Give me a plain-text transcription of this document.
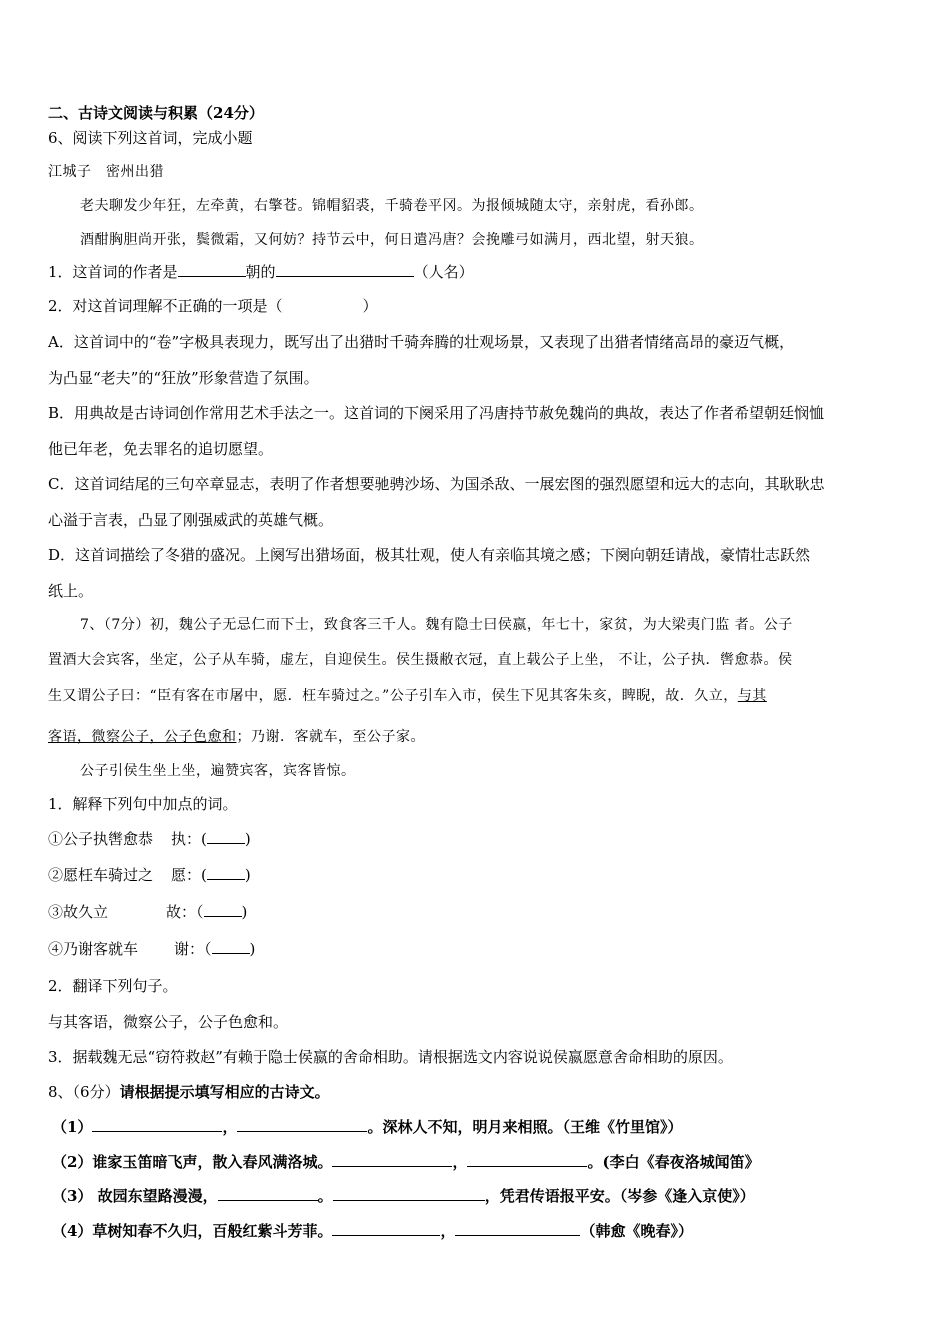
二、古诗文阅读与积累（24分）
6、阅读下列这首词，完成小题
江城子　密州出猎
老夫聊发少年狂，左牵黄，右擎苍。锦帽貂裘，千骑卷平冈。为报倾城随太守，亲射虎，看孙郎。
酒酣胸胆尚开张，鬓微霜，又何妨？持节云中，何日遣冯唐？会挽雕弓如满月，西北望，射天狼。
1．这首词的作者是	朝的	（人名）
2．对这首词理解不正确的一项是（	）
A．这首词中的“卷”字极具表现力，既写出了出猎时千骑奔腾的壮观场景，又表现了出猎者情绪高昂的豪迈气概，
为凸显“老夫”的“狂放”形象营造了氛围。
B．用典故是古诗词创作常用艺术手法之一。这首词的下阕采用了冯唐持节赦免魏尚的典故，表达了作者希望朝廷悯恤
他已年老，免去罪名的追切愿望。
C．这首词结尾的三句卒章显志，表明了作者想要驰骋沙场、为国杀敌、一展宏图的强烈愿望和远大的志向，其耿耿忠
心溢于言表，凸显了刚强威武的英雄气概。
D．这首词描绘了冬猎的盛况。上阕写出猎场面，极其壮观，使人有亲临其境之感；下阕向朝廷请战，豪情壮志跃然
纸上。
7、（7分）初，魏公子无忌仁而下士，致食客三千人。魏有隐士曰侯嬴，年七十，家贫，为大梁夷门监 者。公子
置酒大会宾客，坐定，公子从车骑，虚左，自迎侯生。侯生摄敝衣冠，直上载公子上坐， 不让，公子执．辔愈恭。侯
生又谓公子曰：“臣有客在市屠中，愿．枉车骑过之。”公子引车入市，侯生下见其客朱亥，睥睨，故．久立，与其
客语，微察公子，公子色愈和；乃谢．客就车，至公子家。
公子引侯生坐上坐，遍赞宾客，宾客皆惊。
1．解释下列句中加点的词。
①公子执辔愈恭 执：(	)
②愿枉车骑过之 愿：(	)
③故久立	故：（	)
④乃谢客就车 谢：（	)
2．翻译下列句子。
与其客语，微察公子，公子色愈和。
3．据载魏无忌“窃符救赵”有赖于隐士侯嬴的舍命相助。请根据选文内容说说侯嬴愿意舍命相助的原因。
8、（6分）请根据提示填写相应的古诗文。
（1）	，	。深林人不知，明月来相照。（王维《竹里馆》）
（2）谁家玉笛暗飞声，散入春风满洛城。	，	。(李白《春夜洛城闻笛》
（3） 故园东望路漫漫，	。	，凭君传语报平安。（岑参《逢入京使》）
（4）草树知春不久归，百般红紫斗芳菲。	，	（韩愈《晚春》）
